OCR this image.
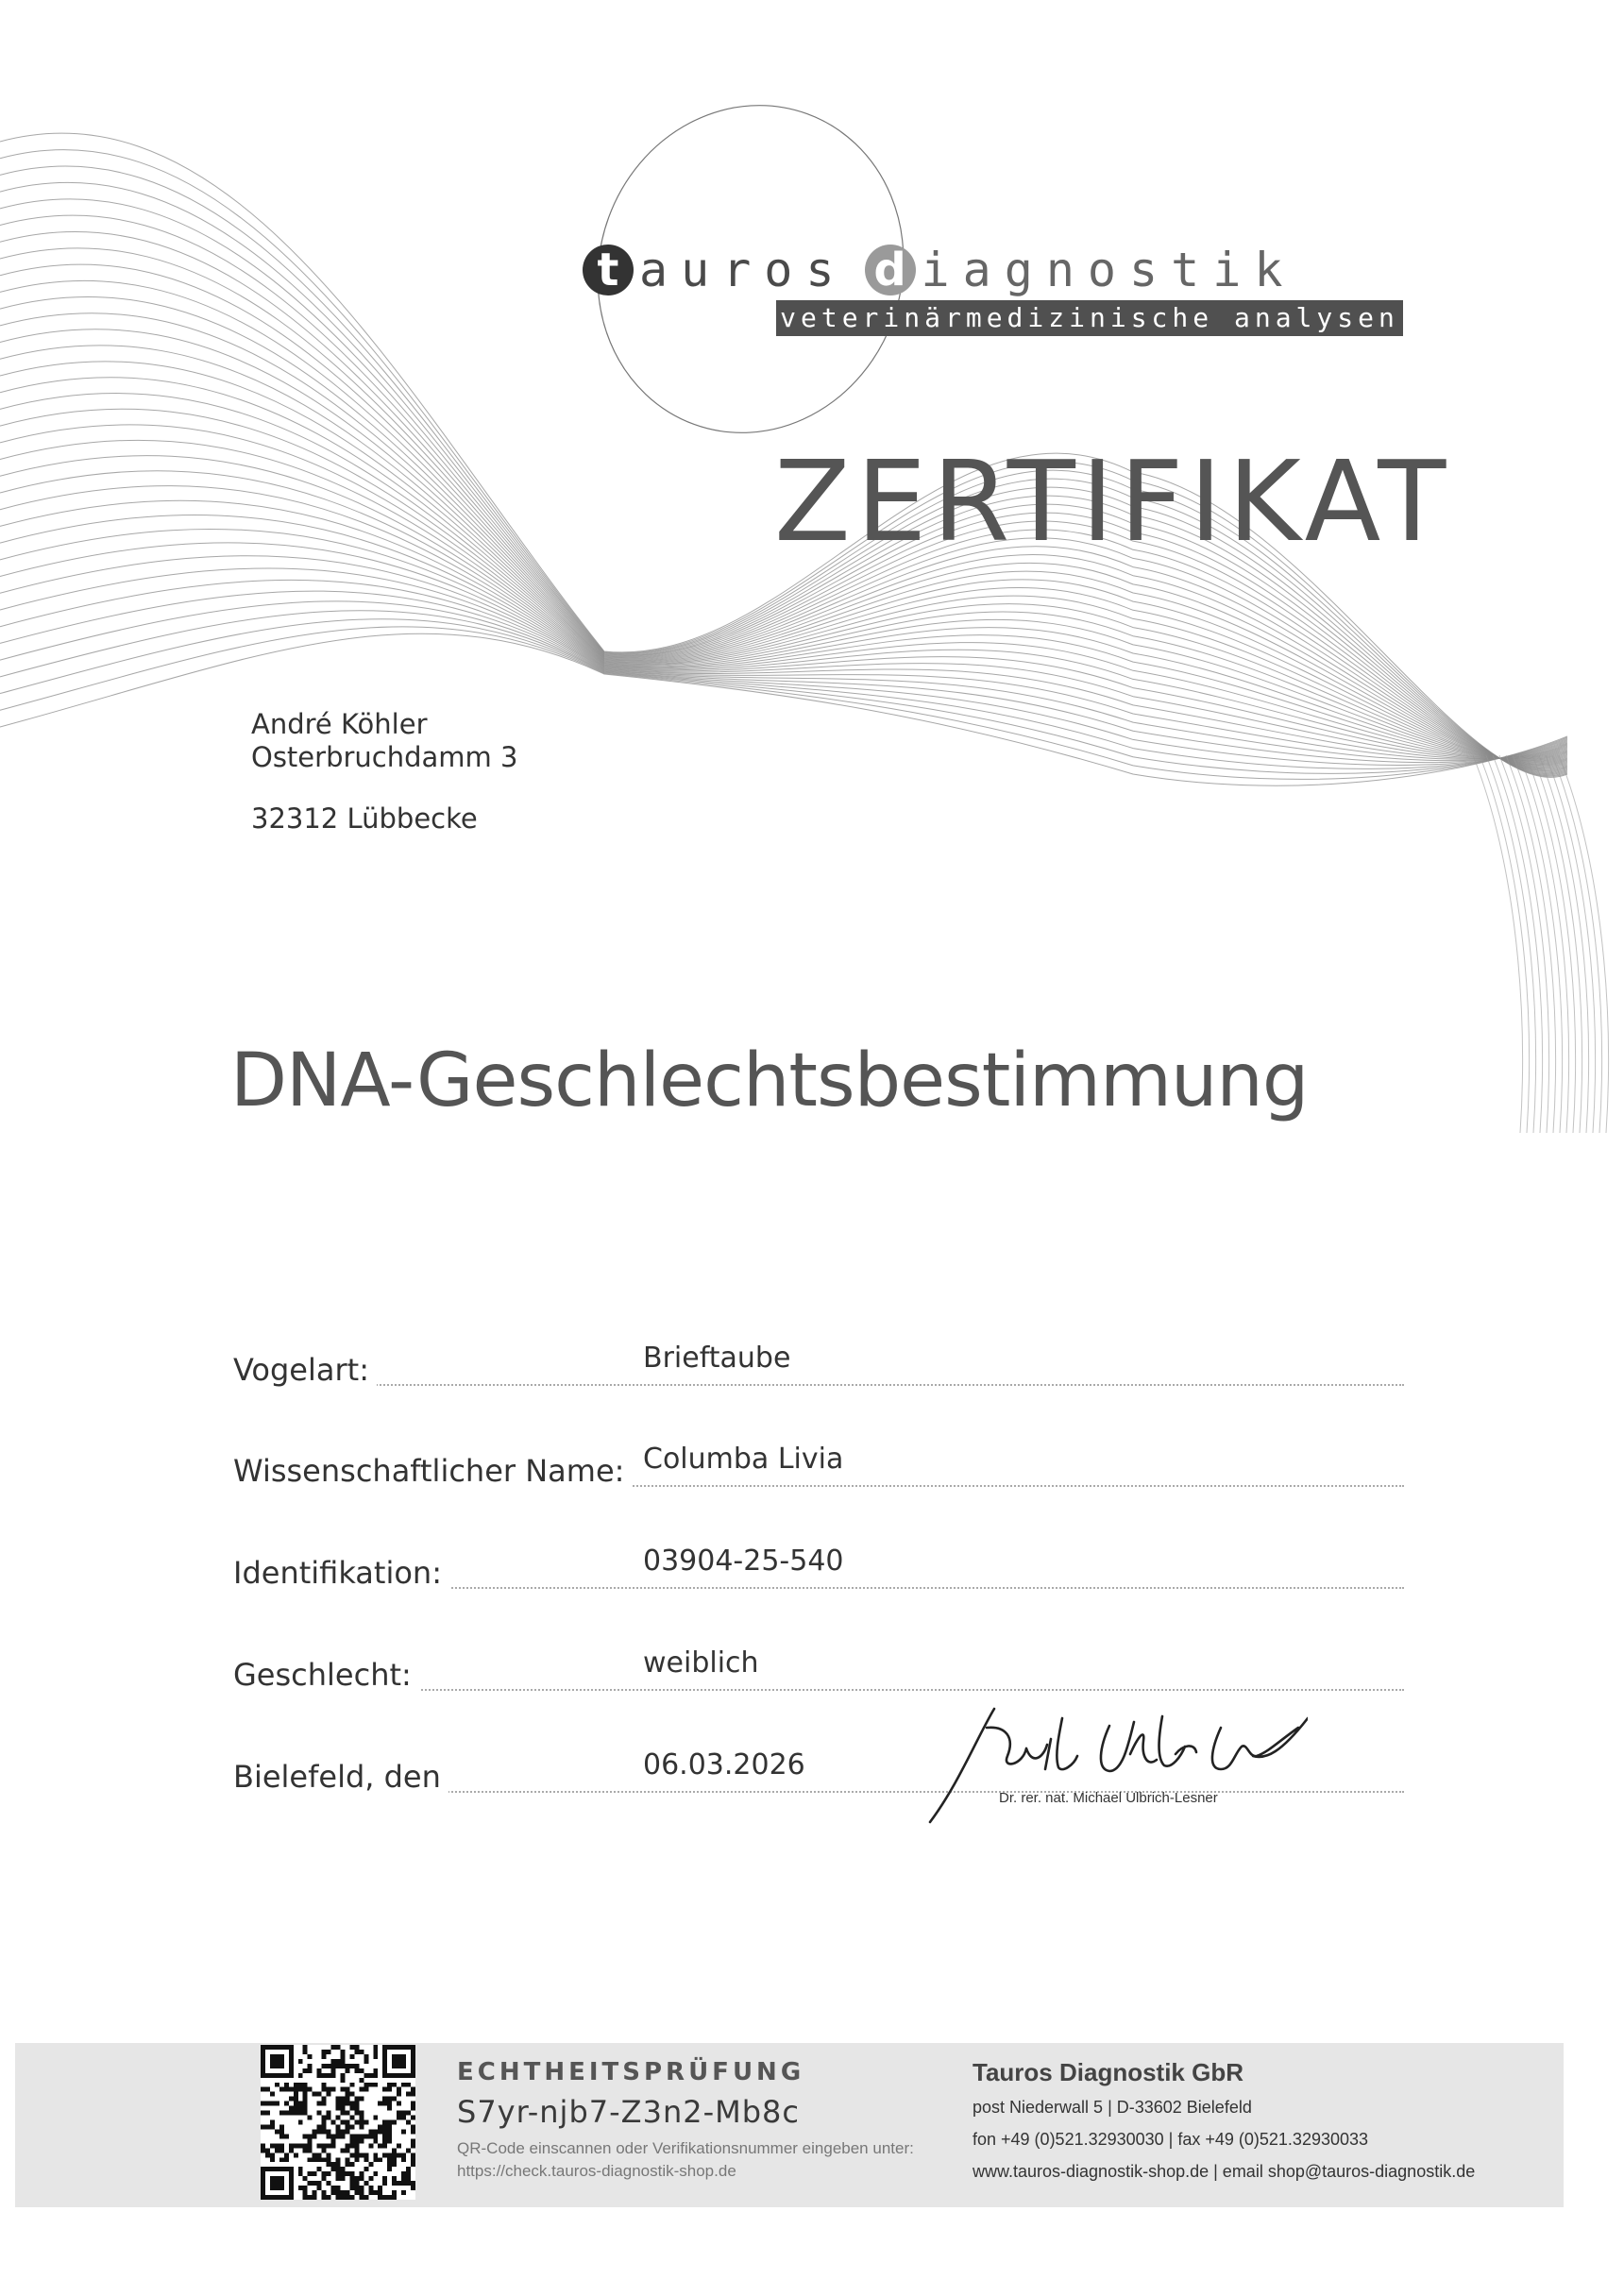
t auros d iagnostik
veterinärmedizinische analysen
ZERTIFIKAT
André Köhler
Osterbruchdamm 3
32312 Lübbecke
DNA-Geschlechtsbestimmung
Vogelart:	Brieftaube
Wissenschaftlicher Name: Columba Livia
Identifikation:	03904-25-540
Geschlecht:	weiblich
Bielefeld, den	06.03.2026
Dr. rer. nat. Michael Ulbrich-Lesner
ECHTHEITSPRÜFUNG
S7yr-njb7-Z3n2-Mb8c
QR-Code einscannen oder Verifikationsnummer eingeben unter:
https://check.tauros-diagnostik-shop.de
Tauros Diagnostik GbR
post Niederwall 5 | D-33602 Bielefeld
fon +49 (0)521.32930030 | fax +49 (0)521.32930033
www.tauros-diagnostik-shop.de | email shop@tauros-diagnostik.de
